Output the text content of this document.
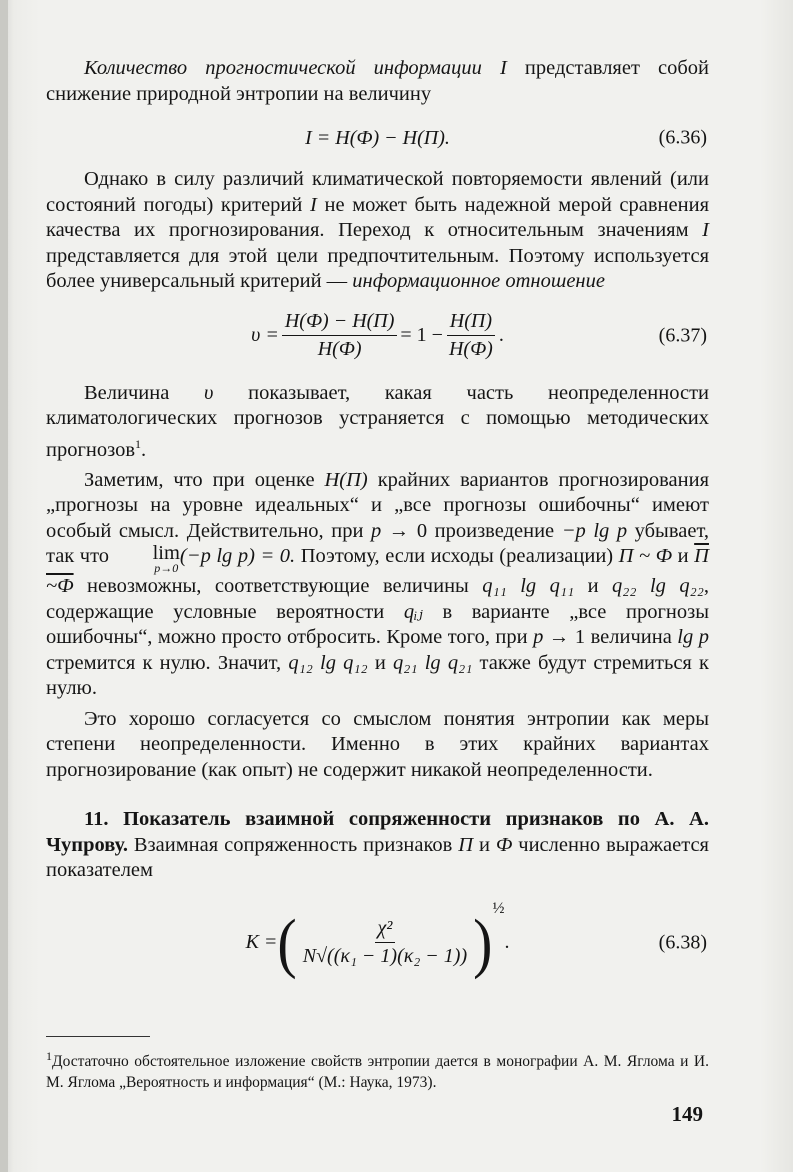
Количество прогностической информации I представляет собой снижение природной энтропии на величину

I = H(Ф) − H(П).	(6.36)

Однако в силу различий климатической повторяемости явлений (или состояний погоды) критерий I не может быть надежной мерой сравнения качества их прогнозирования. Переход к относительным значениям I представляется для этой цели предпочтительным. Поэтому используется более универсальный критерий — информационное отношение

$\upsilon = \frac{H(Ф) - H(П)}{H(Ф)} = 1 - \frac{H(П)}{H(Ф)}$ .	(6.37)

Величина υ показывает, какая часть неопределенности климатологических прогнозов устраняется с помощью методических прогнозов$^1$.

Заметим, что при оценке H(П) крайних вариантов прогнозирования „прогнозы на уровне идеальных“ и „все прогнозы ошибочны“ имеют особый смысл. Действительно, при p → 0 произведение −p lg p убывает, так что	lim
p→0
(−p lg p) = 0. Поэтому, если исходы (реализации) П ~ Ф и П ~Ф невозможны, соответствующие величины q₁₁ lg q₁₁ и q₂₂ lg q₂₂, содержащие условные вероятности qᵢⱼ в варианте „все прогнозы ошибочны“, можно просто отбросить. Кроме того, при p → 1 величина lg p стремится к нулю. Значит, q₁₂ lg q₁₂ и q₂₁ lg q₂₁ также будут стремиться к нулю.

Это хорошо согласуется со смыслом понятия энтропии как меры степени неопределенности. Именно в этих крайних вариантах прогнозирование (как опыт) не содержит никакой неопределенности.

11. Показатель взаимной сопряженности признаков по А. А. Чупрову. Взаимная сопряженность признаков П и Ф численно выражается показателем

K = ( $\frac{\text{χ²}}{\text{N√((κ₁ − 1)(κ₂ − 1))}}$ ) ½
.	(6.38)
$^1$Достаточно обстоятельное изложение свойств энтропии дается в монографии А. М. Яглома и И. М. Яглома „Вероятность и информация“ (М.: Наука, 1973).
149
